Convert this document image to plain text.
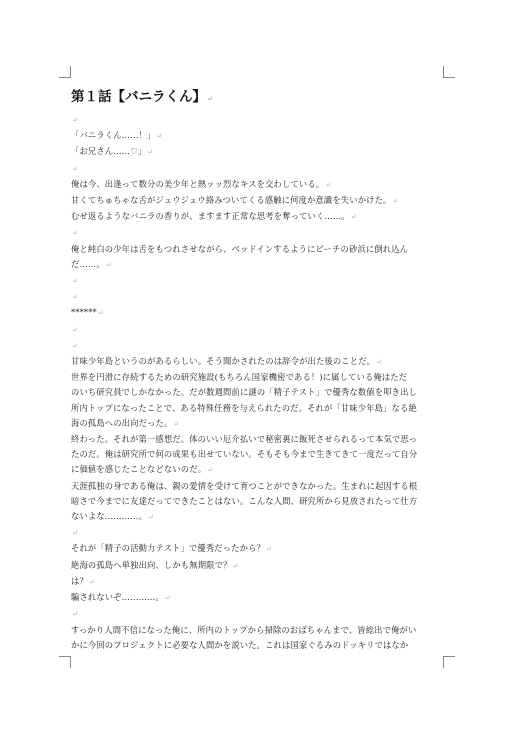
第１話【バニラくん】↵
↵
「バニラくん……！」↵
「お兄さん……♡」↵
↵
俺は今、出逢って数分の美少年と熱ッッ烈なキスを交わしている。↵
甘くてちゅちゃな舌がジュウジュウ絡みついてくる感触に何度か意識を失いかけた。↵
むせ返るようなバニラの香りが、ますます正常な思考を奪っていく……。↵
↵
俺と純白の少年は舌をもつれさせながら、ベッドインするようにビーチの砂浜に倒れ込ん
だ……。↵
↵
↵
******↵
↵
↵
甘味少年島というのがあるらしい。そう聞かされたのは辞令が出た後のことだ。↵
世界を円滑に存続するための研究施設(もちろん国家機密である！)に属している俺はただ
のいち研究員でしかなかった。だが数週間前に謎の「精子テスト」で優秀な数値を叩き出し
所内トップになったことで、ある特殊任務を与えられたのだ。それが「甘味少年島」なる絶
海の孤島への出向だった。↵
終わった。それが第一感想だ。体のいい厄介払いで秘密裏に飯死させられるって本気で思っ
たのだ。俺は研究所で何の成果も出せていない。そもそも今まで生きてきて一度だって自分
に価値を感じたことなどないのだ。↵
天涯孤独の身である俺は、親の愛情を受けて育つことができなかった。生まれに起因する根
暗さで今までに友達だってできたことはない。こんな人間、研究所から見放されたって仕方
ないよな…………。↵
↵
それが「精子の活動力テスト」で優秀だったから？↵
絶海の孤島へ単独出向、しかも無期限で？↵
は？↵
騙されないぞ…………。↵
↵
すっかり人間不信になった俺に、所内のトップから掃除のおばちゃんまで、皆総出で俺がい
かに今回のプロジェクトに必要な人間かを説いた。これは国家ぐるみのドッキリではなか
